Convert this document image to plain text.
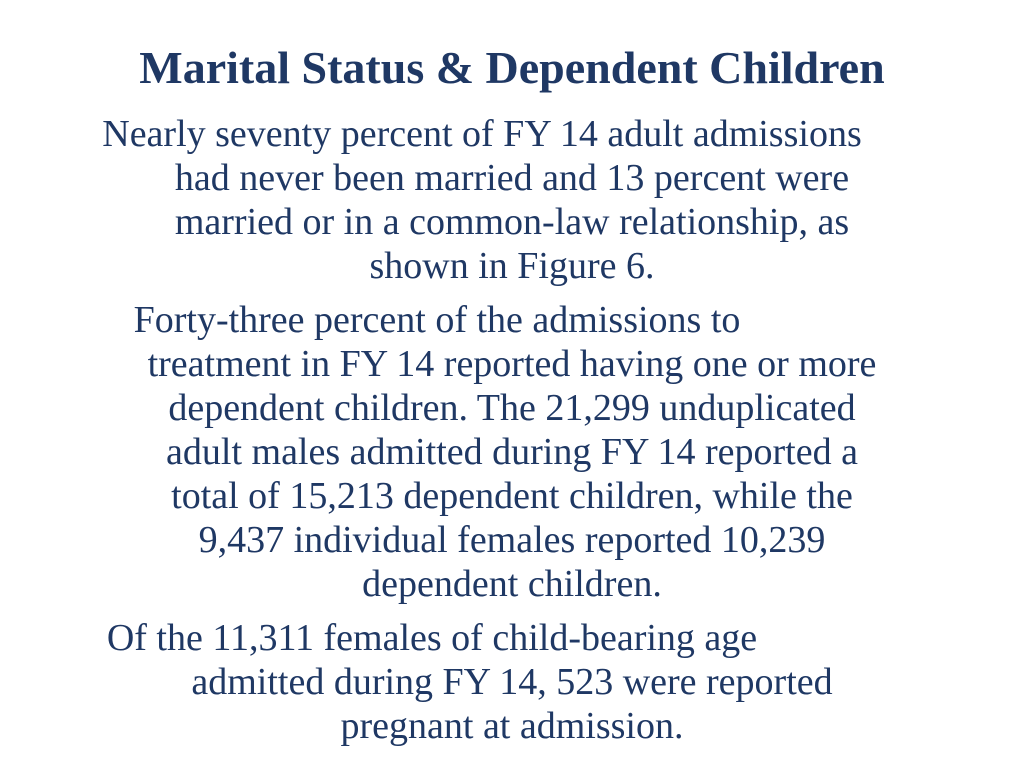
Marital Status & Dependent Children

Nearly seventy percent of FY 14 adult admissions
had never been married and 13 percent were
married or in a common-law relationship, as
shown in Figure 6.

Forty-three percent of the admissions to
treatment in FY 14 reported having one or more
dependent children. The 21,299 unduplicated
adult males admitted during FY 14 reported a
total of 15,213 dependent children, while the
9,437 individual females reported 10,239
dependent children.

Of the 11,311 females of child-bearing age
admitted during FY 14, 523 were reported
pregnant at admission.
